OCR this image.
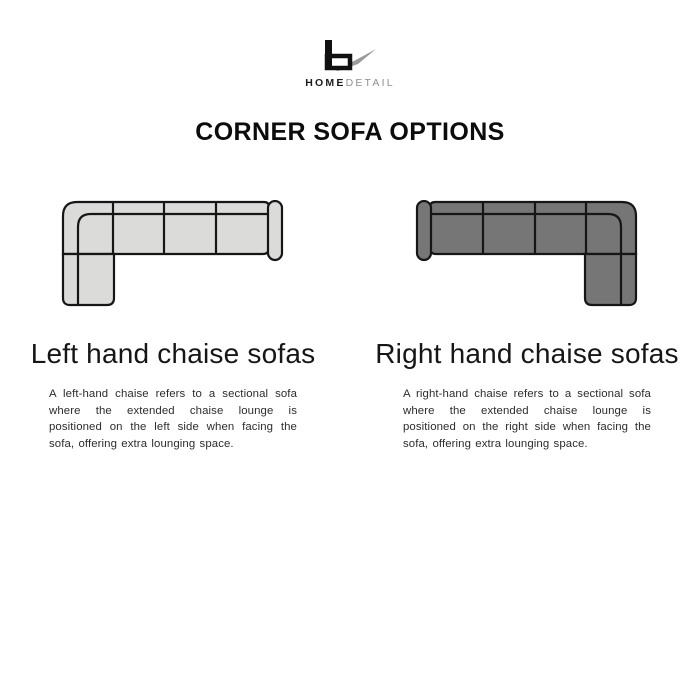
HOMEDETAIL
CORNER SOFA OPTIONS
Left hand chaise sofas
A left-hand chaise refers to a sectional sofa where the extended chaise lounge is positioned on the left side when facing the sofa, offering extra lounging space.
Right hand chaise sofas
A right-hand chaise refers to a sectional sofa where the extended chaise lounge is positioned on the right side when facing the sofa, offering extra lounging space.
